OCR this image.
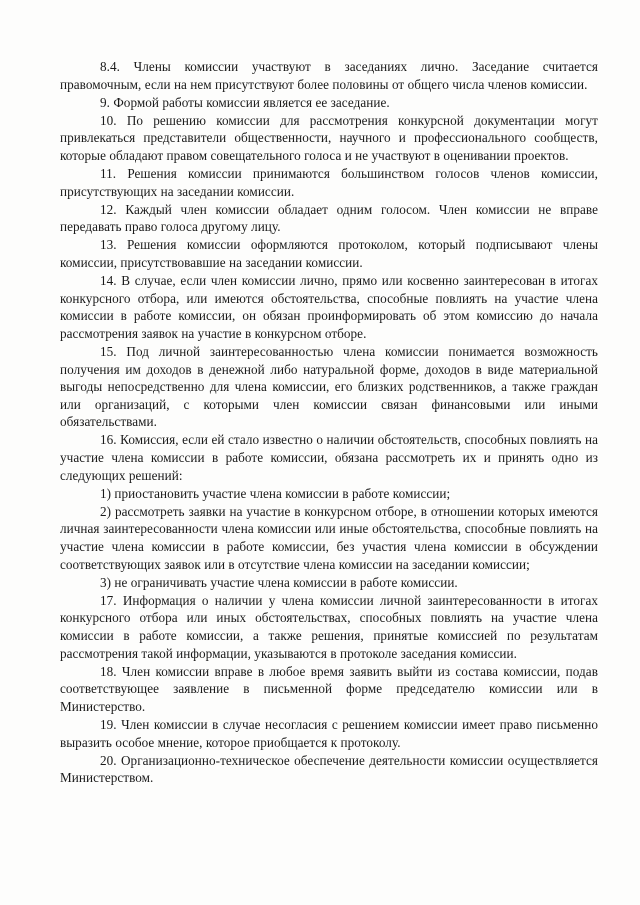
8.4. Члены комиссии участвуют в заседаниях лично. Заседание считается правомочным, если на нем присутствуют более половины от общего числа членов комиссии.

9. Формой работы комиссии является ее заседание.

10. По решению комиссии для рассмотрения конкурсной документации могут привлекаться представители общественности, научного и профессионального сообществ, которые обладают правом совещательного голоса и не участвуют в оценивании проектов.

11. Решения комиссии принимаются большинством голосов членов комиссии, присутствующих на заседании комиссии.

12. Каждый член комиссии обладает одним голосом. Член комиссии не вправе передавать право голоса другому лицу.

13. Решения комиссии оформляются протоколом, который подписывают члены комиссии, присутствовавшие на заседании комиссии.

14. В случае, если член комиссии лично, прямо или косвенно заинтересован в итогах конкурсного отбора, или имеются обстоятельства, способные повлиять на участие члена комиссии в работе комиссии, он обязан проинформировать об этом комиссию до начала рассмотрения заявок на участие в конкурсном отборе.

15. Под личной заинтересованностью члена комиссии понимается возможность получения им доходов в денежной либо натуральной форме, доходов в виде материальной выгоды непосредственно для члена комиссии, его близких родственников, а также граждан или организаций, с которыми член комиссии связан финансовыми или иными обязательствами.

16. Комиссия, если ей стало известно о наличии обстоятельств, способных повлиять на участие члена комиссии в работе комиссии, обязана рассмотреть их и принять одно из следующих решений:

1) приостановить участие члена комиссии в работе комиссии;

2) рассмотреть заявки на участие в конкурсном отборе, в отношении которых имеются личная заинтересованности члена комиссии или иные обстоятельства, способные повлиять на участие члена комиссии в работе комиссии, без участия члена комиссии в обсуждении соответствующих заявок или в отсутствие члена комиссии на заседании комиссии;

3) не ограничивать участие члена комиссии в работе комиссии.

17. Информация о наличии у члена комиссии личной заинтересованности в итогах конкурсного отбора или иных обстоятельствах, способных повлиять на участие члена комиссии в работе комиссии, а также решения, принятые комиссией по результатам рассмотрения такой информации, указываются в протоколе заседания комиссии.

18. Член комиссии вправе в любое время заявить выйти из состава комиссии, подав соответствующее заявление в письменной форме председателю комиссии или в Министерство.

19. Член комиссии в случае несогласия с решением комиссии имеет право письменно выразить особое мнение, которое приобщается к протоколу.

20. Организационно-техническое обеспечение деятельности комиссии осуществляется Министерством.
